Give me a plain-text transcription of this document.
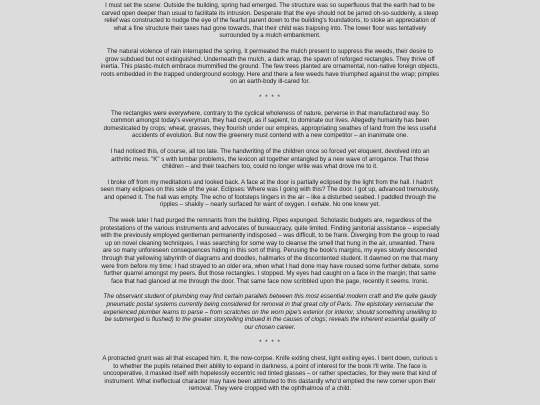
I must set the scene: Outside the building, spring had emerged. The structure was so superfluous that the earth had to be carved open deeper than usual to facilitate its intrusion. Desperate that the eye should not be jarred oh-so-suddenly, a steep relief was constructed to nudge the eye of the fearful parent down to the building's foundations, to stoke an appreciation of what a fine structure their taxes had gone towards, that their child was traipsing into. The lower floor was tentatively surrounded by a mulch embankment.

The natural violence of rain interrupted the spring. It permeated the mulch present to suppress the weeds, their desire to grow subdued but not extinguished. Underneath the mulch, a dark wrap, the spawn of reforged rectangles. They thrive off inertia. This plastic-mulch embrace mummified the ground. The few trees planted are ornamental, non-native foreign objects, roots embedded in the trapped underground ecology. Here and there a few weeds have triumphed against the wrap; pimples on an earth-body ill-cared for.

* * * *

The rectangles were everywhere, contrary to the cyclical wholeness of nature, perverse in that manufactured way. So common amongst today's everyman, they had crept, as if sapient, to dominate our lives. Allegedly humanity has been domesticated by crops; wheat, grasses, they flourish under our empires, appropriating swathes of land from the less useful accidents of evolution. But now the greenery must contend with a new competitor – an inanimate one.

I had noticed this, of course, all too late. The handwriting of the children once so forced yet eloquent, devolved into an arthritic mess. "K" s with lumbar problems, the lexicon all together entangled by a new wave of arrogance. That those children – and their teachers too, could no longer write was what drove me to it.

I broke off from my meditations and looked back. A face at the door is partially eclipsed by the light from the hall. I hadn't seen many eclipses on this side of the year. Eclipses: Where was I going with this? The door. I got up, advanced tremulously, and opened it. The hall was empty. The echo of footsteps lingers in the air – like a disturbed seabed. I paddled through the ripples – shakily – nearly surfaced for want of oxygen. I exhale. No one knew yet.

The week later I had purged the remnants from the building. Pipes expunged. Scholastic budgets are, regardless of the protestations of the various instruments and advocates of bureaucracy, quite limited. Finding janitorial assistance – especially with the previously employed gentleman permanently indisposed – was difficult, to be frank. Diverging from the group to read up on novel cleaning techniques, I was searching for some way to cleanse the smell that hung in the air, unwanted. There are so many unforeseen consequences hiding in this sort of thing. Perusing the book's margins, my eyes slowly descended through that yellowing labyrinth of diagrams and doodles, hallmarks of the discontented student. It dawned on me that many were from before my time; I had strayed to an older era, when what I had done may have roused some further debate, some further quarrel amongst my peers. But those rectangles. I stopped. My eyes had caught on a face in the margin; that same face that had glanced at me through the door. That same face now scribbled upon the page, recently it seems. Ironic.

The observant student of plumbing may find certain parallels between this most essential modern craft and the quite gaudy pneumatic postal systems currently being considered for removal in that great city of Paris. The epistolary vernacular the experienced plumber learns to parse – from scratches on the worn pipe's exterior (or interior, should something unwilling to be submerged is flushed) to the greater storytelling imbued in the causes of clogs; reveals the inherent essential quality of our chosen career.

* * * *

A protracted grunt was all that escaped him. It, the now-corpse. Knife exiting chest, light exiting eyes. I bent down, curious s to whether the pupils retained their ability to expand in darkness, a point of interest for the book I'll write. The face is uncooperative, it masked itself with hopelessly eccentric red tinted glasses – or rather spectacles, for they were that kind of instrument. What ineffectual character may have been attributed to this dastardly who'd emptied the new comer upon their removal. They were cropped with the ophthalmoa of a child.
